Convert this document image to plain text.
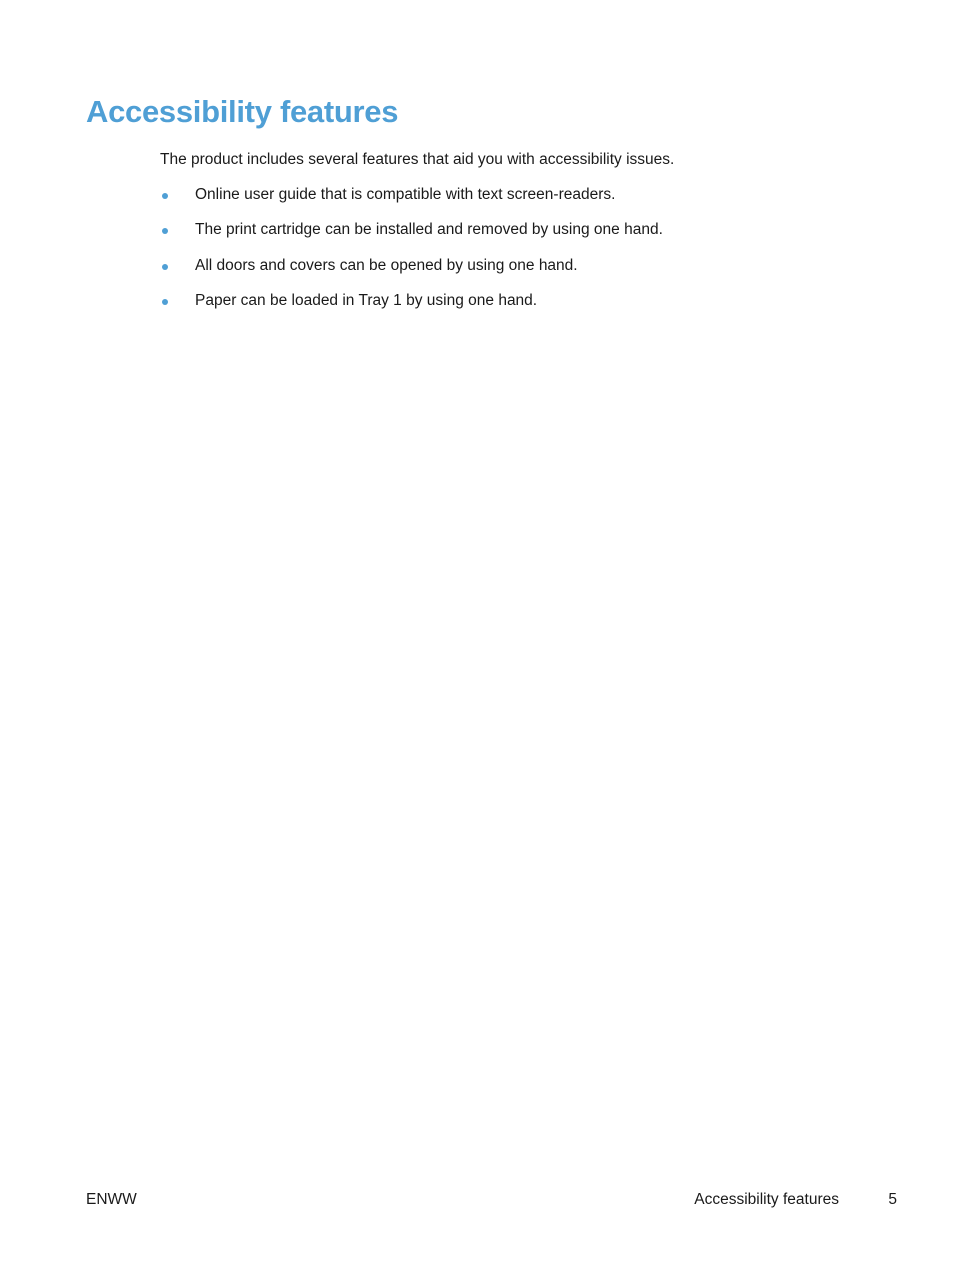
Accessibility features

The product includes several features that aid you with accessibility issues.

Online user guide that is compatible with text screen-readers.
The print cartridge can be installed and removed by using one hand.
All doors and covers can be opened by using one hand.
Paper can be loaded in Tray 1 by using one hand.
ENWW	Accessibility features	5
